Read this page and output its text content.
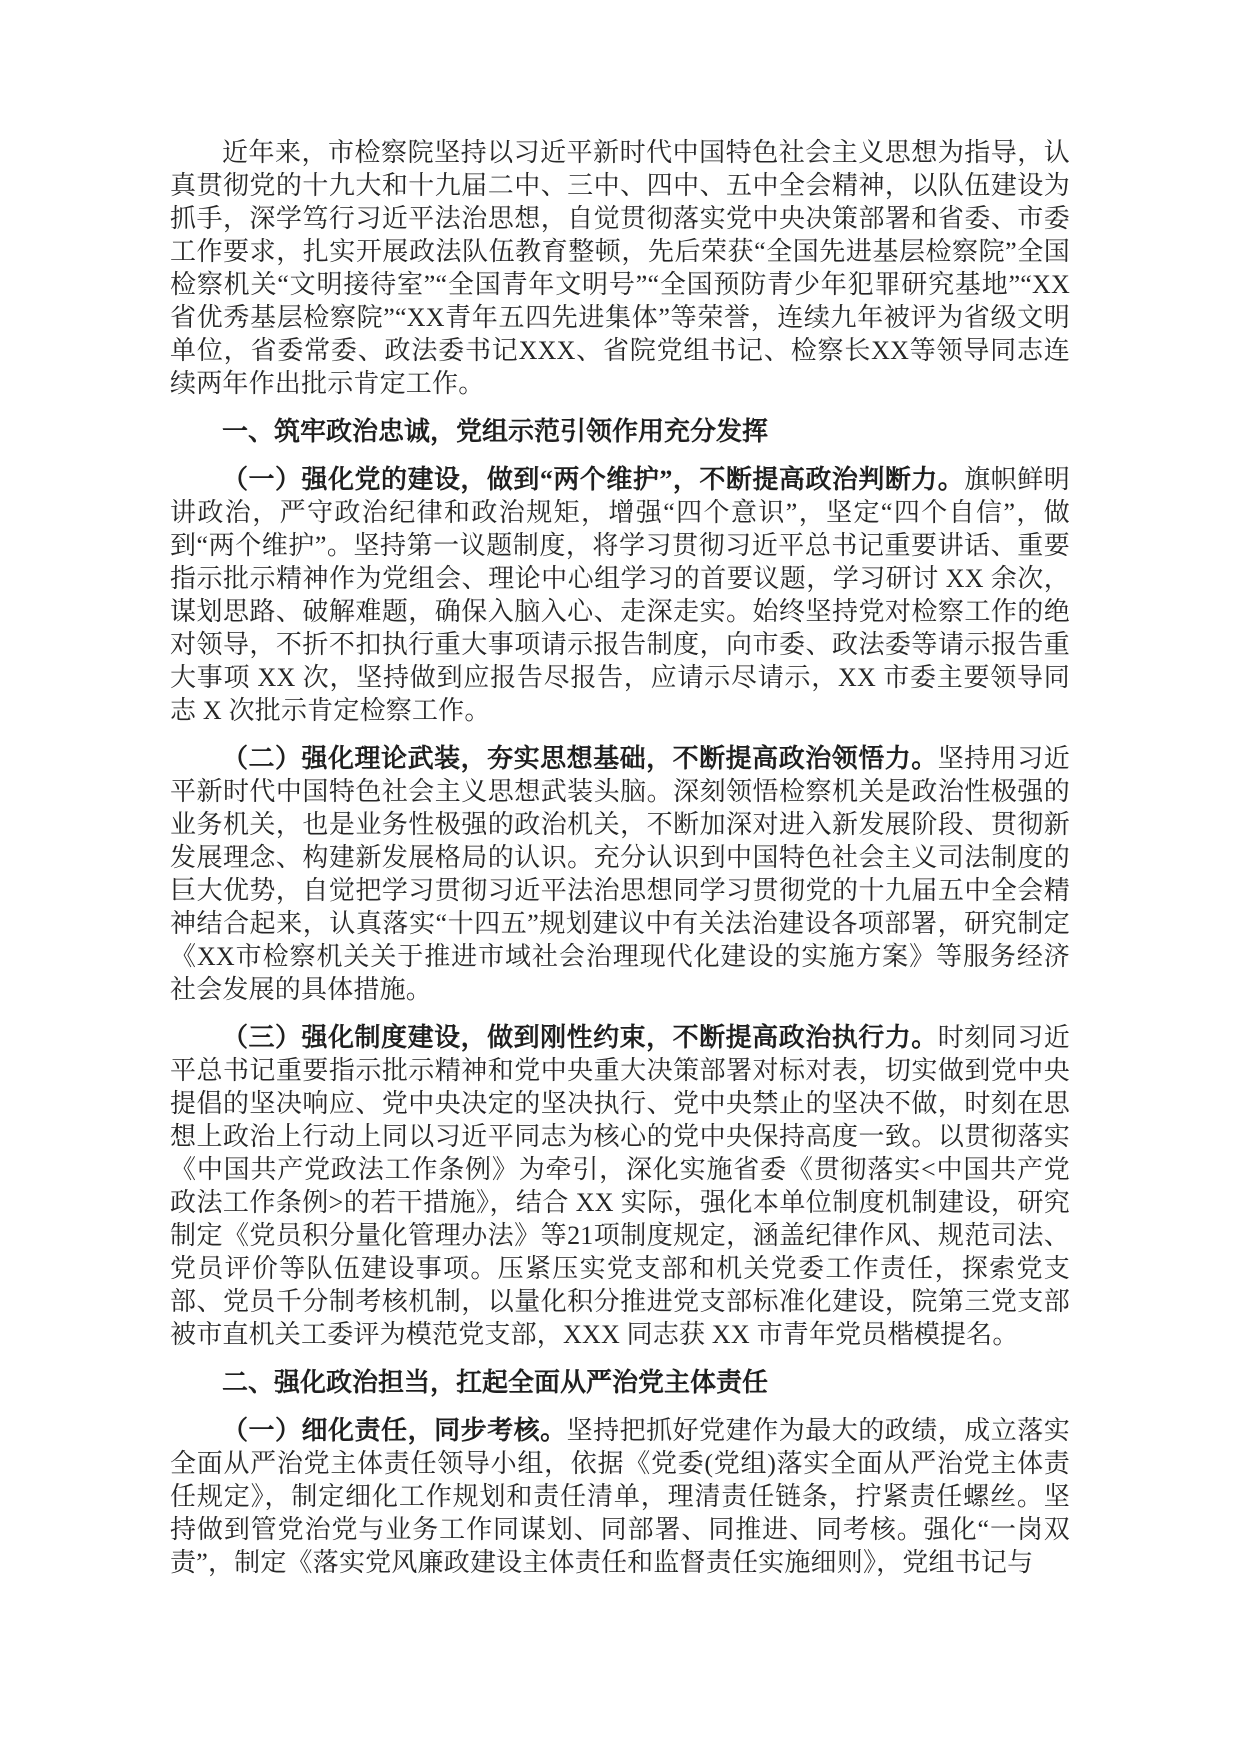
近年来，市检察院坚持以习近平新时代中国特色社会主义思想为指导，认真贯彻党的十九大和十九届二中、三中、四中、五中全会精神，以队伍建设为抓手，深学笃行习近平法治思想，自觉贯彻落实党中央决策部署和省委、市委工作要求，扎实开展政法队伍教育整顿，先后荣获“全国先进基层检察院”全国检察机关“文明接待室”“全国青年文明号”“全国预防青少年犯罪研究基地”“XX省优秀基层检察院”“XX青年五四先进集体”等荣誉，连续九年被评为省级文明单位，省委常委、政法委书记XXX、省院党组书记、检察长XX等领导同志连续两年作出批示肯定工作。

一、筑牢政治忠诚，党组示范引领作用充分发挥

（一）强化党的建设，做到“两个维护”，不断提高政治判断力。旗帜鲜明讲政治，严守政治纪律和政治规矩，增强“四个意识”，坚定“四个自信”，做到“两个维护”。坚持第一议题制度，将学习贯彻习近平总书记重要讲话、重要指示批示精神作为党组会、理论中心组学习的首要议题，学习研讨 XX 余次，谋划思路、破解难题，确保入脑入心、走深走实。始终坚持党对检察工作的绝对领导，不折不扣执行重大事项请示报告制度，向市委、政法委等请示报告重大事项 XX 次，坚持做到应报告尽报告，应请示尽请示，XX 市委主要领导同志 X 次批示肯定检察工作。

（二）强化理论武装，夯实思想基础，不断提高政治领悟力。坚持用习近平新时代中国特色社会主义思想武装头脑。深刻领悟检察机关是政治性极强的业务机关，也是业务性极强的政治机关，不断加深对进入新发展阶段、贯彻新发展理念、构建新发展格局的认识。充分认识到中国特色社会主义司法制度的巨大优势，自觉把学习贯彻习近平法治思想同学习贯彻党的十九届五中全会精神结合起来，认真落实“十四五”规划建议中有关法治建设各项部署，研究制定《XX市检察机关关于推进市域社会治理现代化建设的实施方案》等服务经济社会发展的具体措施。

（三）强化制度建设，做到刚性约束，不断提高政治执行力。时刻同习近平总书记重要指示批示精神和党中央重大决策部署对标对表，切实做到党中央提倡的坚决响应、党中央决定的坚决执行、党中央禁止的坚决不做，时刻在思想上政治上行动上同以习近平同志为核心的党中央保持高度一致。以贯彻落实《中国共产党政法工作条例》为牵引，深化实施省委《贯彻落实<中国共产党政法工作条例>的若干措施》，结合 XX 实际，强化本单位制度机制建设，研究制定《党员积分量化管理办法》等21项制度规定，涵盖纪律作风、规范司法、党员评价等队伍建设事项。压紧压实党支部和机关党委工作责任，探索党支部、党员千分制考核机制，以量化积分推进党支部标准化建设，院第三党支部被市直机关工委评为模范党支部，XXX 同志获 XX 市青年党员楷模提名。

二、强化政治担当，扛起全面从严治党主体责任

（一）细化责任，同步考核。坚持把抓好党建作为最大的政绩，成立落实全面从严治党主体责任领导小组，依据《党委(党组)落实全面从严治党主体责任规定》，制定细化工作规划和责任清单，理清责任链条，拧紧责任螺丝。坚持做到管党治党与业务工作同谋划、同部署、同推进、同考核。强化“一岗双责”，制定《落实党风廉政建设主体责任和监督责任实施细则》，党组书记与
